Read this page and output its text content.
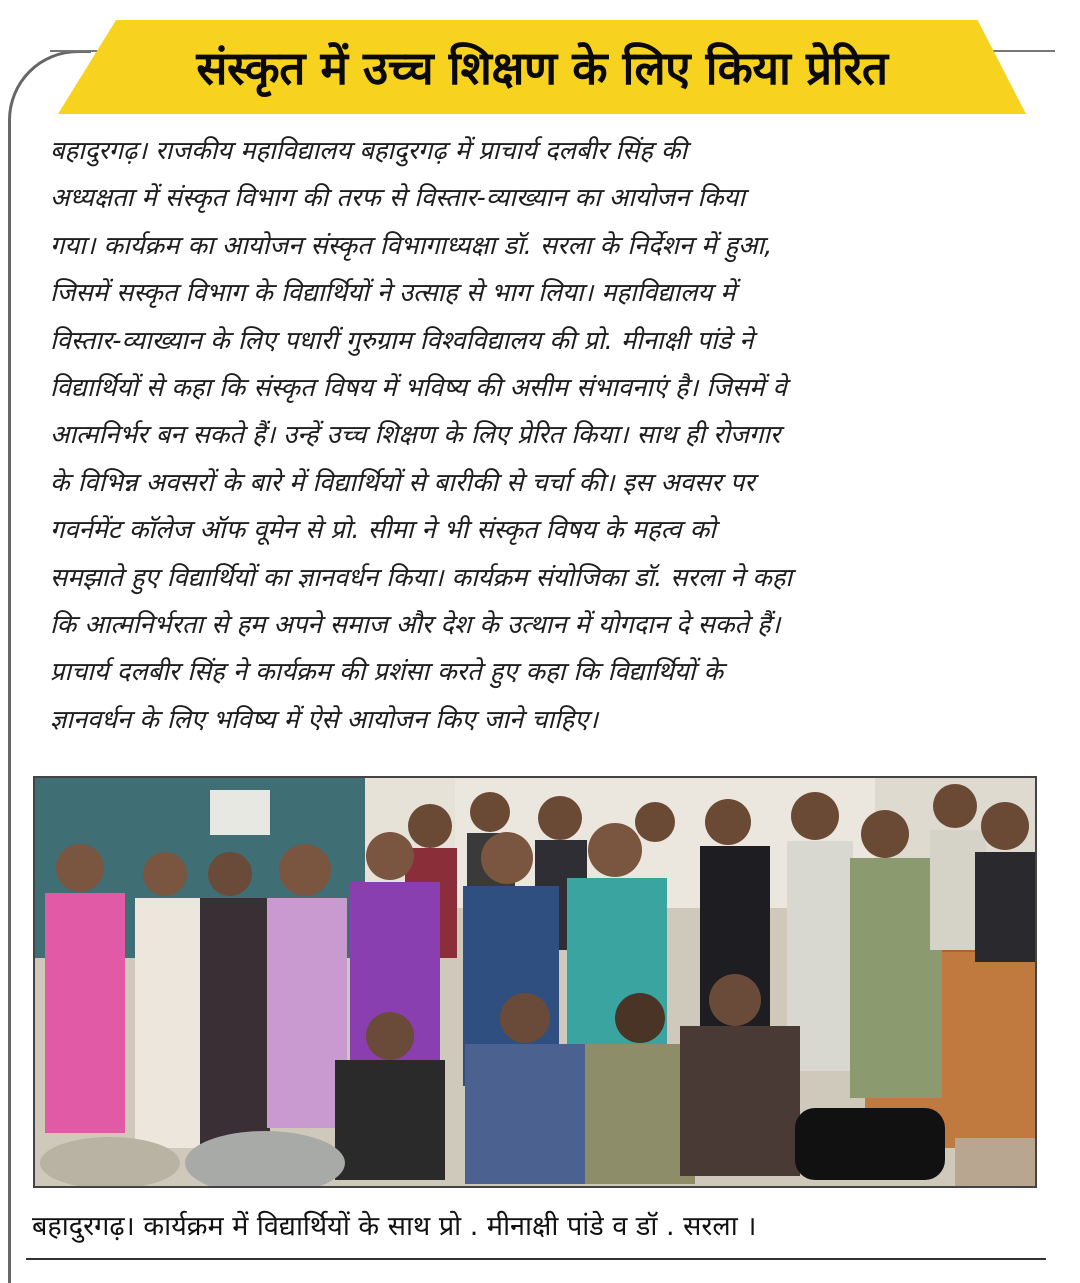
संस्कृत में उच्च शिक्षण के लिए किया प्रेरित
बहादुरगढ़। राजकीय महाविद्यालय बहादुरगढ़ में प्राचार्य दलबीर सिंह की
अध्यक्षता में संस्कृत विभाग की तरफ से विस्तार-व्याख्यान का आयोजन किया
गया। कार्यक्रम का आयोजन संस्कृत विभागाध्यक्षा डॉ. सरला के निर्देशन में हुआ,
जिसमें सस्कृत विभाग के विद्यार्थियों ने उत्साह से भाग लिया। महाविद्यालय में
विस्तार-व्याख्यान के लिए पधारीं गुरुग्राम विश्वविद्यालय की प्रो. मीनाक्षी पांडे ने
विद्यार्थियों से कहा कि संस्कृत विषय में भविष्य की असीम संभावनाएं है। जिसमें वे
आत्मनिर्भर बन सकते हैं। उन्हें उच्च शिक्षण के लिए प्रेरित किया। साथ ही रोजगार
के विभिन्न अवसरों के बारे में विद्यार्थियों से बारीकी से चर्चा की। इस अवसर पर
गवर्नमेंट कॉलेज ऑफ वूमेन से प्रो. सीमा ने भी संस्कृत विषय के महत्व को
समझाते हुए विद्यार्थियों का ज्ञानवर्धन किया। कार्यक्रम संयोजिका डॉ. सरला ने कहा
कि आत्मनिर्भरता से हम अपने समाज और देश के उत्थान में योगदान दे सकते हैं।
प्राचार्य दलबीर सिंह ने कार्यक्रम की प्रशंसा करते हुए कहा कि विद्यार्थियों के
ज्ञानवर्धन के लिए भविष्य में ऐसे आयोजन किए जाने चाहिए।
बहादुरगढ़। कार्यक्रम में विद्यार्थियों के साथ प्रो . मीनाक्षी पांडे व डॉ . सरला ।
